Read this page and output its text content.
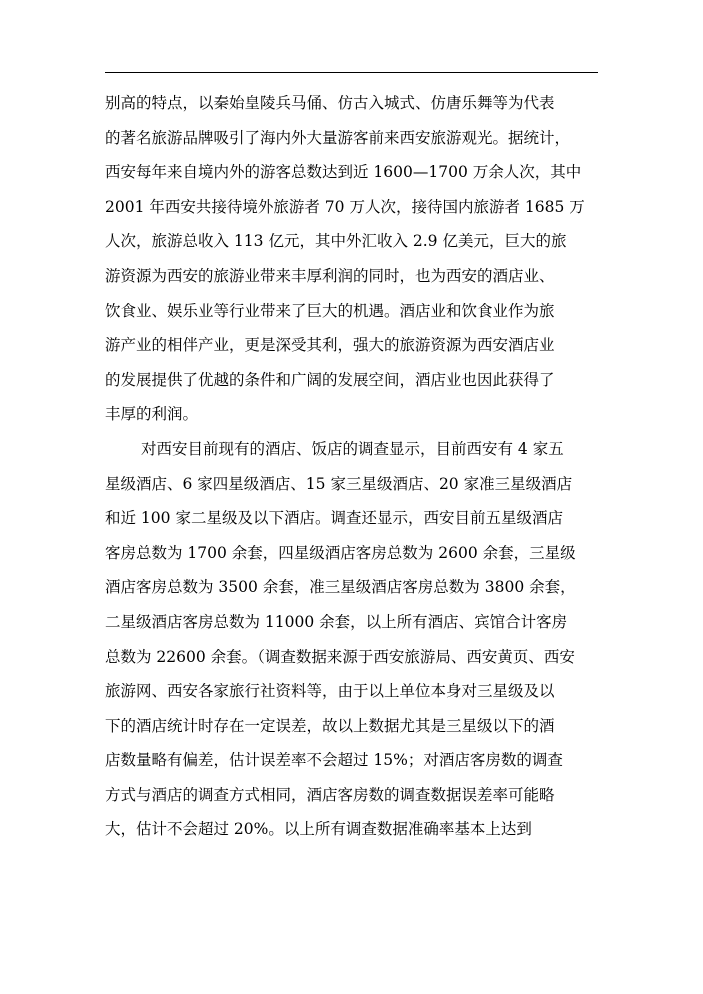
别高的特点，以秦始皇陵兵马俑、仿古入城式、仿唐乐舞等为代表
的著名旅游品牌吸引了海内外大量游客前来西安旅游观光。据统计，
西安每年来自境内外的游客总数达到近 1600—1700 万余人次，其中
2001 年西安共接待境外旅游者 70 万人次，接待国内旅游者 1685 万
人次，旅游总收入 113 亿元，其中外汇收入 2.9 亿美元，巨大的旅
游资源为西安的旅游业带来丰厚利润的同时，也为西安的酒店业、
饮食业、娱乐业等行业带来了巨大的机遇。酒店业和饮食业作为旅
游产业的相伴产业，更是深受其利，强大的旅游资源为西安酒店业
的发展提供了优越的条件和广阔的发展空间，酒店业也因此获得了
丰厚的利润。
对西安目前现有的酒店、饭店的调查显示，目前西安有 4 家五
星级酒店、6 家四星级酒店、15 家三星级酒店、20 家准三星级酒店
和近 100 家二星级及以下酒店。调查还显示，西安目前五星级酒店
客房总数为 1700 余套，四星级酒店客房总数为 2600 余套，三星级
酒店客房总数为 3500 余套，准三星级酒店客房总数为 3800 余套，
二星级酒店客房总数为 11000 余套，以上所有酒店、宾馆合计客房
总数为 22600 余套。（调查数据来源于西安旅游局、西安黄页、西安
旅游网、西安各家旅行社资料等，由于以上单位本身对三星级及以
下的酒店统计时存在一定误差，故以上数据尤其是三星级以下的酒
店数量略有偏差，估计误差率不会超过 15%；对酒店客房数的调查
方式与酒店的调查方式相同，酒店客房数的调查数据误差率可能略
大，估计不会超过 20%。以上所有调查数据准确率基本上达到
